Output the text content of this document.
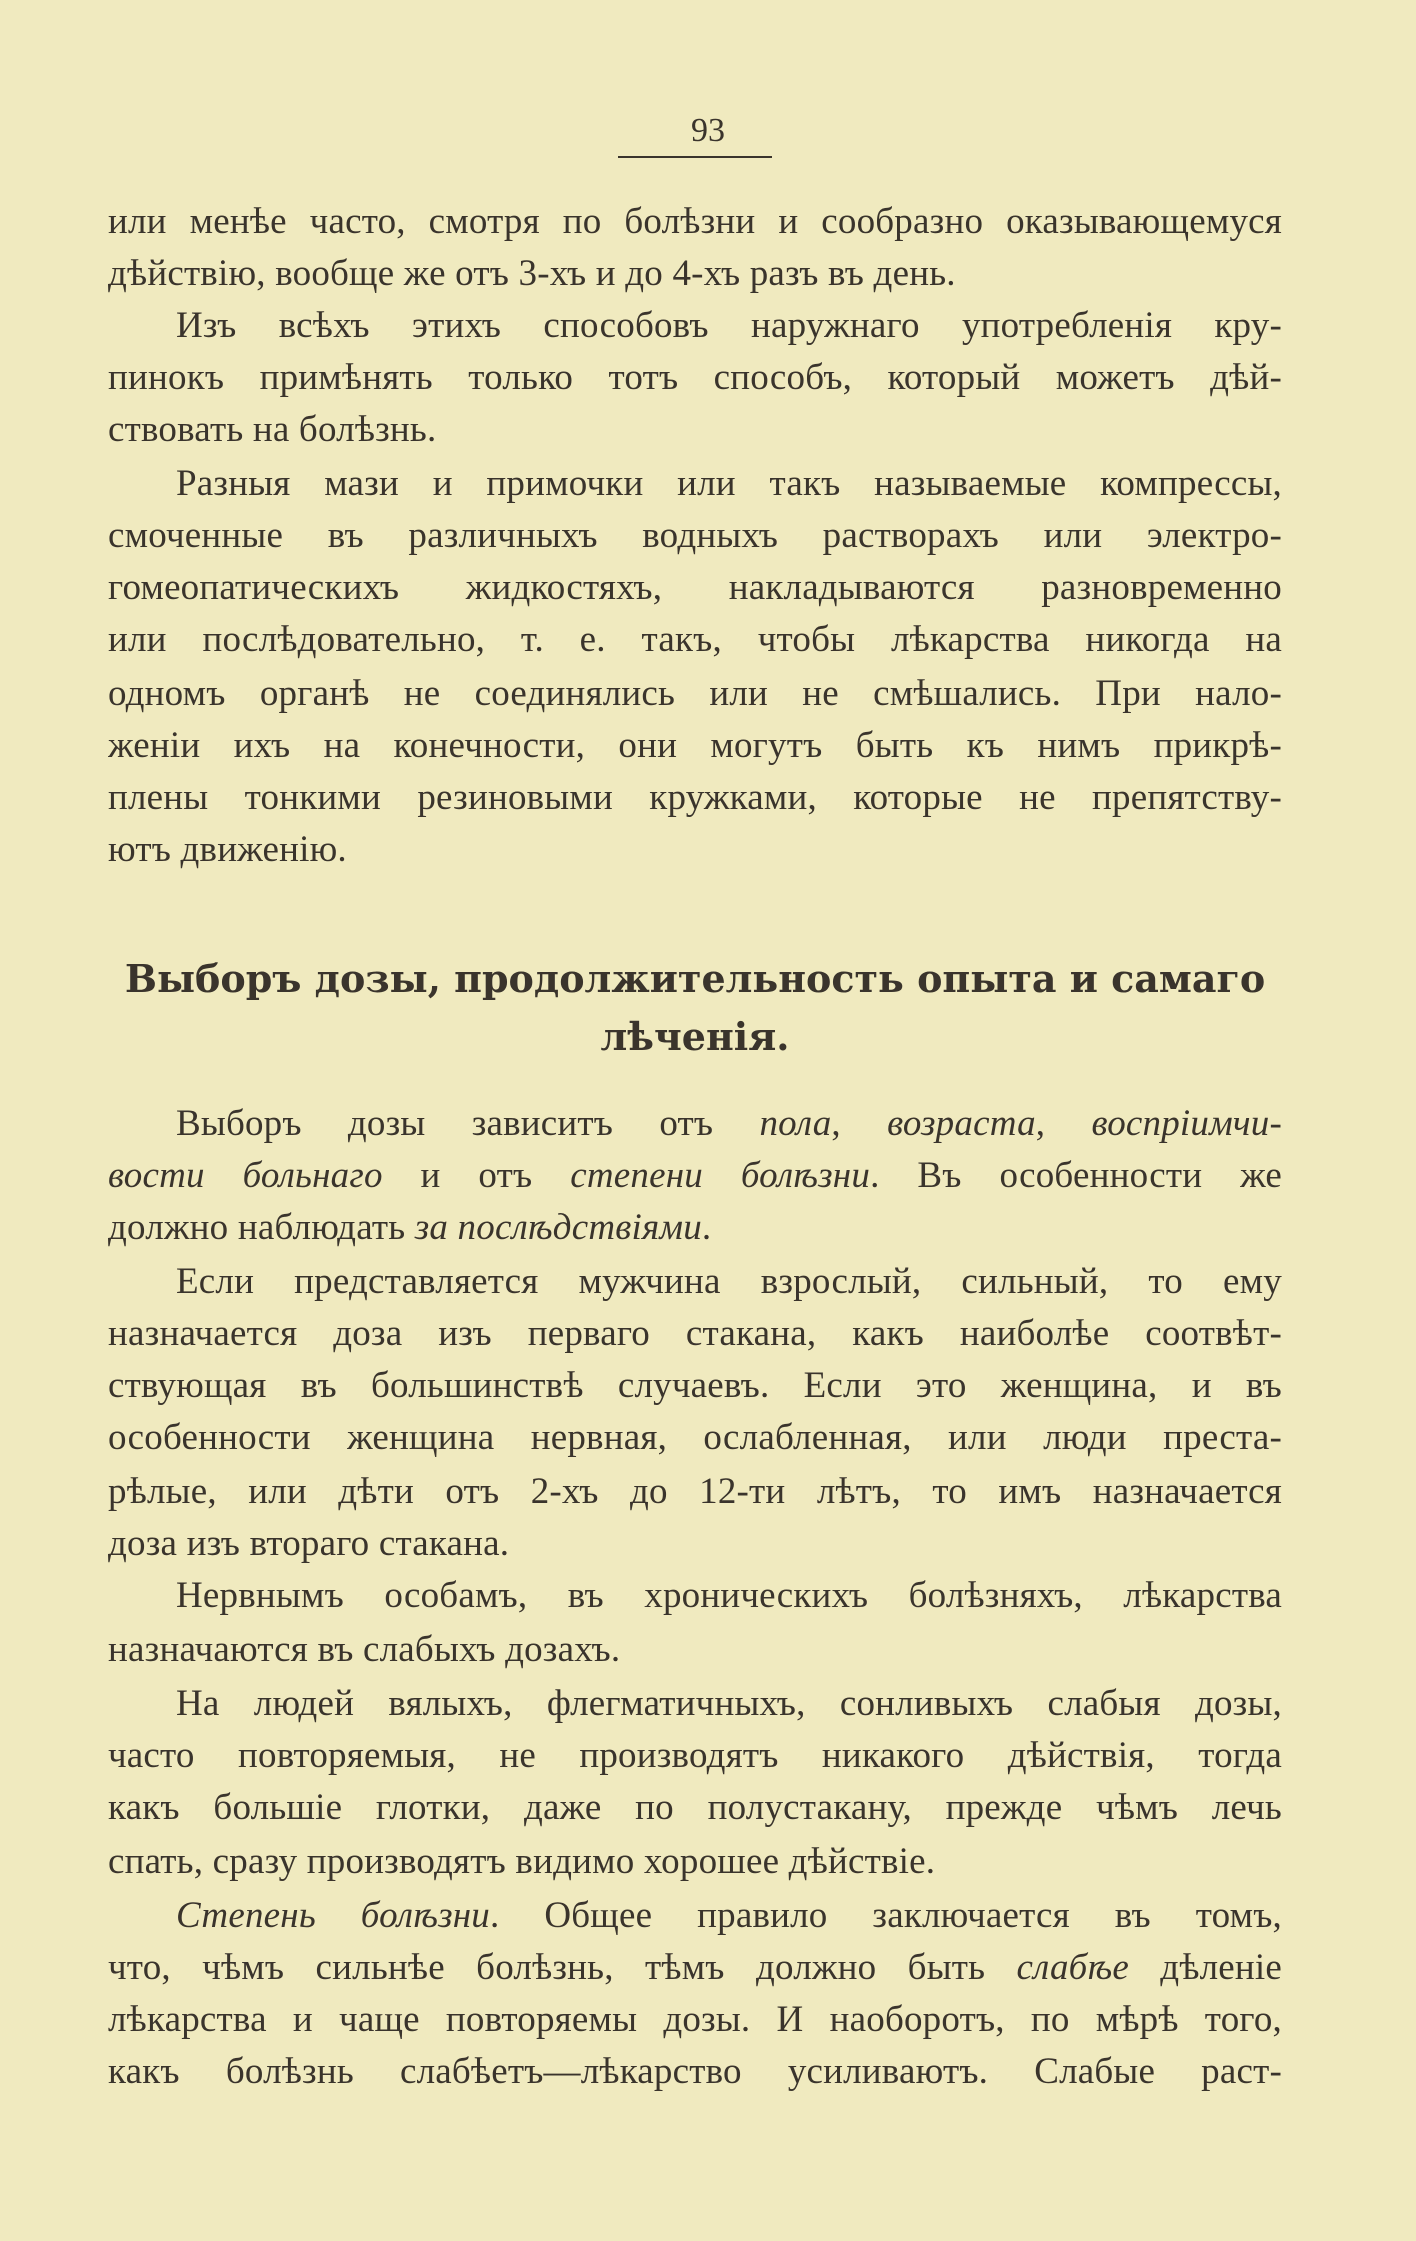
93
или менѣе часто, смотря по болѣзни и сообразно оказывающемуся
дѣйствію, вообще же отъ 3-хъ и до 4-хъ разъ въ день.
Изъ всѣхъ этихъ способовъ наружнаго употребленія кру-
пинокъ примѣнять только тотъ способъ, который можетъ дѣй-
ствовать на болѣзнь.
Разныя мази и примочки или такъ называемые компрессы,
смоченные въ различныхъ водныхъ растворахъ или электро-
гомеопатическихъ жидкостяхъ, накладываются разновременно
или послѣдовательно, т. е. такъ, чтобы лѣкарства никогда на
одномъ органѣ не соединялись или не смѣшались. При нало-
женіи ихъ на конечности, они могутъ быть къ нимъ прикрѣ-
плены тонкими резиновыми кружками, которые не препятству-
ютъ движенію.
Выборъ дозы, продолжительность опыта и самаго
лѣченія.
Выборъ дозы зависитъ отъ пола, возраста, воспріимчи-
вости больнаго и отъ степени болѣзни. Въ особенности же
должно наблюдать за послѣдствіями.
Если представляется мужчина взрослый, сильный, то ему
назначается доза изъ перваго стакана, какъ наиболѣе соотвѣт-
ствующая въ большинствѣ случаевъ. Если это женщина, и въ
особенности женщина нервная, ослабленная, или люди преста-
рѣлые, или дѣти отъ 2-хъ до 12-ти лѣтъ, то имъ назначается
доза изъ втораго стакана.
Нервнымъ особамъ, въ хроническихъ болѣзняхъ, лѣкарства
назначаются въ слабыхъ дозахъ.
На людей вялыхъ, флегматичныхъ, сонливыхъ слабыя дозы,
часто повторяемыя, не производятъ никакого дѣйствія, тогда
какъ большіе глотки, даже по полустакану, прежде чѣмъ лечь
спать, сразу производятъ видимо хорошее дѣйствіе.
Степень болѣзни. Общее правило заключается въ томъ,
что, чѣмъ сильнѣе болѣзнь, тѣмъ должно быть слабѣе дѣленіе
лѣкарства и чаще повторяемы дозы. И наоборотъ, по мѣрѣ того,
какъ болѣзнь слабѣетъ—лѣкарство усиливаютъ. Слабые раст-
